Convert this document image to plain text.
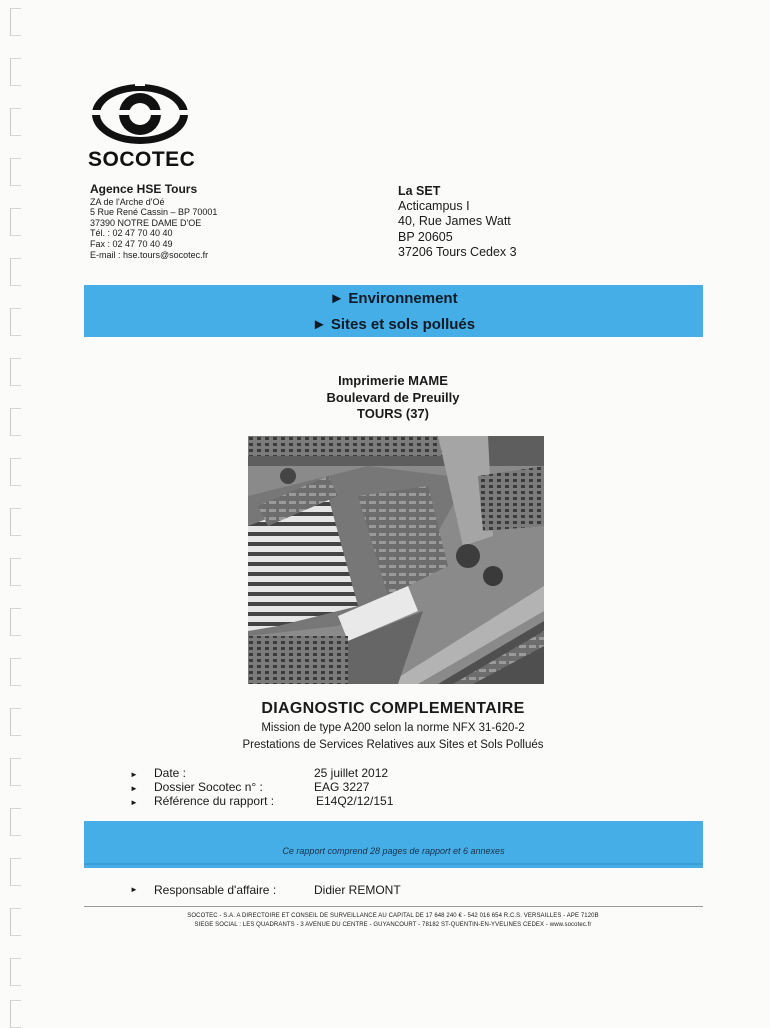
SOCOTEC
Agence HSE Tours
ZA de l'Arche d'Oé
5 Rue René Cassin – BP 70001
37390 NOTRE DAME D'OE
Tél. : 02 47 70 40 40
Fax : 02 47 70 40 49
E-mail : hse.tours@socotec.fr
La SET
Acticampus I
40, Rue James Watt
BP 20605
37206 Tours Cedex 3
► Environnement
► Sites et sols pollués
Imprimerie MAME
Boulevard de Preuilly
TOURS (37)
DIAGNOSTIC COMPLEMENTAIRE
Mission de type A200 selon la norme NFX 31-620-2
Prestations de Services Relatives aux Sites et Sols Pollués
► Date :	25 juillet 2012
► Dossier Socotec n° :	EAG 3227
► Référence du rapport :	E14Q2/12/151
Ce rapport comprend 28 pages de rapport et 6 annexes
► Responsable d'affaire :	Didier REMONT
SOCOTEC - S.A. A DIRECTOIRE ET CONSEIL DE SURVEILLANCE AU CAPITAL DE 17 648 240 € - 542 016 654 R.C.S. VERSAILLES - APE 7120B
SIEGE SOCIAL : LES QUADRANTS - 3 AVENUE DU CENTRE - GUYANCOURT - 78182 ST-QUENTIN-EN-YVELINES CEDEX - www.socotec.fr
